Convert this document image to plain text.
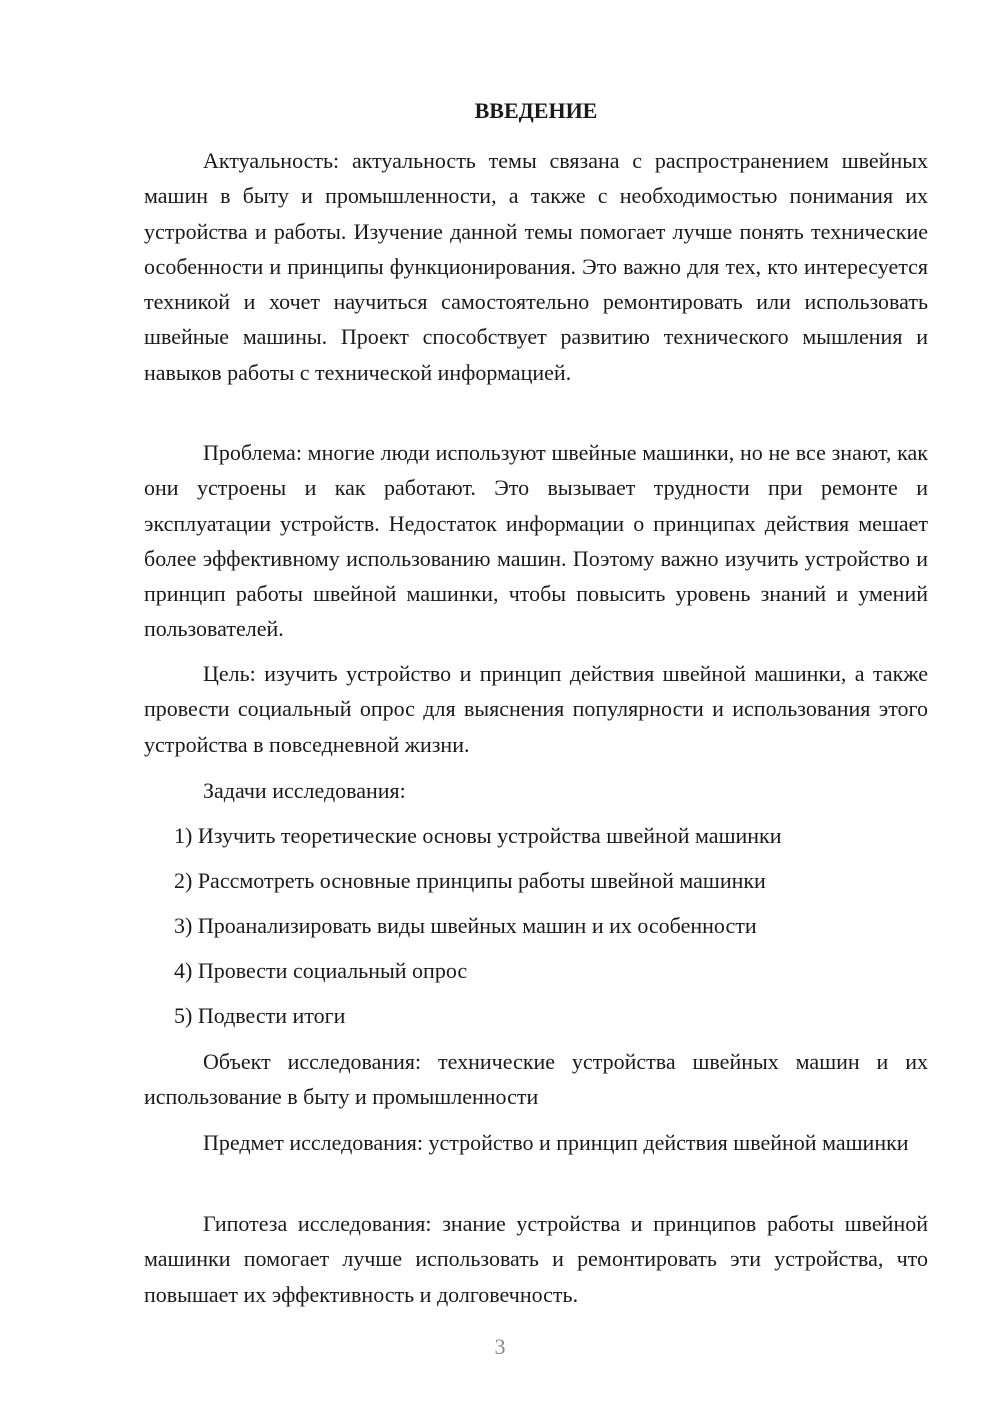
ВВЕДЕНИЕ

Актуальность: актуальность темы связана с распространением швейных машин в быту и промышленности, а также с необходимостью понимания их устройства и работы. Изучение данной темы помогает лучше понять технические особенности и принципы функционирования. Это важно для тех, кто интересуется техникой и хочет научиться самостоятельно ремонтировать или использовать швейные машины. Проект способствует развитию технического мышления и навыков работы с технической информацией.

Проблема: многие люди используют швейные машинки, но не все знают, как они устроены и как работают. Это вызывает трудности при ремонте и эксплуатации устройств. Недостаток информации о принципах действия мешает более эффективному использованию машин. Поэтому важно изучить устройство и принцип работы швейной машинки, чтобы повысить уровень знаний и умений пользователей.

Цель: изучить устройство и принцип действия швейной машинки, а также провести социальный опрос для выяснения популярности и использования этого устройства в повседневной жизни.

Задачи исследования:

1) Изучить теоретические основы устройства швейной машинки

2) Рассмотреть основные принципы работы швейной машинки

3) Проанализировать виды швейных машин и их особенности

4) Провести социальный опрос

5) Подвести итоги

Объект исследования: технические устройства швейных машин и их использование в быту и промышленности

Предмет исследования: устройство и принцип действия швейной машинки

Гипотеза исследования: знание устройства и принципов работы швейной машинки помогает лучше использовать и ремонтировать эти устройства, что повышает их эффективность и долговечность.

3
